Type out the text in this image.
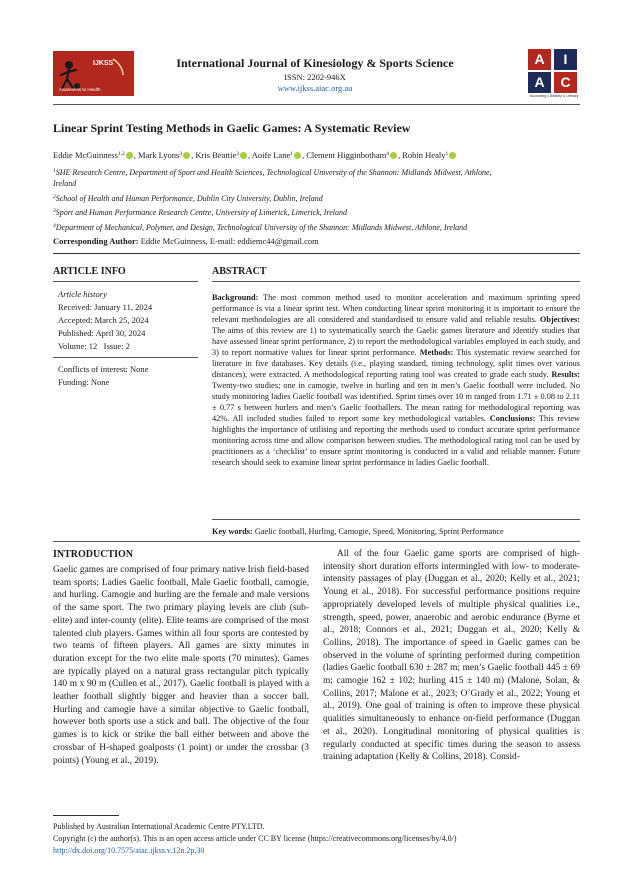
IJKSS
Awareness to Health
International Journal of Kinesiology & Sports Science
ISSN: 2202-946X
www.ijkss.aiac.org.au
A	I
A	C
Nourishing Creativity & Literacy
Linear Sprint Testing Methods in Gaelic Games: A Systematic Review
Eddie McGuinness$^{1,2}$ , Mark Lyons$^3$ , Kris Beattie$^3$ , Aoife Lane$^1$ , Clement Higginbotham$^4$ , Robin Healy$^1$
$^1$SHE Research Centre, Department of Sport and Health Sciences, Technological University of the Shannon: Midlands Midwest, Athlone,
Ireland
$^2$School of Health and Human Performance, Dublin City University, Dublin, Ireland
$^3$Sport and Human Performance Research Centre, University of Limerick, Limerick, Ireland
$^4$Department of Mechanical, Polymer, and Design, Technological University of the Shannon: Midlands Midwest, Athlone, Ireland
Corresponding Author: Eddie McGuinness, E-mail: eddiemc44@gmail.com
ARTICLE INFO
Article history
Received: January 11, 2024
Accepted: March 25, 2024
Published: April 30, 2024
Volume: 12   Issue: 2
Conflicts of interest: None
Funding: None
ABSTRACT
Background: The most common method used to monitor acceleration and maximum sprinting speed performance is via a linear sprint test. When conducting linear sprint monitoring it is important to ensure the relevant methodologies are all considered and standardised to ensure valid and reliable results. Objectives: The aims of this review are 1) to systematically search the Gaelic games literature and identify studies that have assessed linear sprint performance, 2) to report the methodological variables employed in each study, and 3) to report normative values for linear sprint performance. Methods: This systematic review searched for literature in five databases. Key details (i.e., playing standard, timing technology, split times over various distances), were extracted. A methodological reporting rating tool was created to grade each study. Results: Twenty-two studies; one in camogie, twelve in hurling and ten in men’s Gaelic football were included. No study monitoring ladies Gaelic football was identified. Sprint times over 10 m ranged from 1.71 ± 0.08 to 2.11 ± 0.77 s between hurlers and men’s Gaelic footballers. The mean rating for methodological reporting was 42%. All included studies failed to report some key methodological variables. Conclusions: This review highlights the importance of utilising and reporting the methods used to conduct accurate sprint performance monitoring across time and allow comparison between studies. The methodological rating tool can be used by practitioners as a ‘checklist’ to ensure sprint monitoring is conducted in a valid and reliable manner. Future research should seek to examine linear sprint performance in ladies Gaelic football.
Key words: Gaelic football, Hurling, Camogie, Speed, Monitoring, Sprint Performance
INTRODUCTION
Gaelic games are comprised of four primary native Irish field-based team sports; Ladies Gaelic football, Male Gaelic football, camogie, and hurling. Camogie and hurling are the female and male versions of the same sport. The two primary playing levels are club (sub-elite) and inter-county (elite). Elite teams are comprised of the most talented club players. Games within all four sports are contested by two teams of fifteen players. All games are sixty minutes in duration except for the two elite male sports (70 minutes). Games are typically played on a natural grass rectangular pitch typically 140 m x 90 m (Cullen et al., 2017). Gaelic football is played with a leather football slightly bigger and heavier than a soccer ball. Hurling and camogie have a similar objective to Gaelic football, however both sports use a stick and ball. The objective of the four games is to kick or strike the ball either between and above the crossbar of H-shaped goalposts (1 point) or under the crossbar (3 points) (Young et al., 2019).
All of the four Gaelic game sports are comprised of high-intensity short duration efforts intermingled with low- to moderate- intensity passages of play (Duggan et al., 2020; Kelly et al., 2021; Young et al., 2018). For successful performance positions require appropriately developed levels of multiple physical qualities i.e., strength, speed, power, anaerobic and aerobic endurance (Byrne et al., 2018; Connors et al., 2021; Duggan et al., 2020; Kelly & Collins, 2018). The importance of speed in Gaelic games can be observed in the volume of sprinting performed during competition (ladies Gaelic football 630 ± 287 m; men’s Gaelic football 445 ± 69 m; camogie 162 ± 102; hurling 415 ± 140 m) (Malone, Solan, & Collins, 2017; Malone et al., 2023; O’Grady et al., 2022; Young et al., 2019). One goal of training is often to improve these physical qualities simultaneously to enhance on-field performance (Duggan et al., 2020). Longitudinal monitoring of physical qualities is regularly conducted at specific times during the season to assess training adaptation (Kelly & Collins, 2018). Consid-
Published by Australian International Academic Centre PTY.LTD.
Copyright (c) the author(s). This is an open access article under CC BY license (https://creativecommons.org/licenses/by/4.0/)
http://dx.doi.org/10.7575/aiac.ijkss.v.12n.2p.30
